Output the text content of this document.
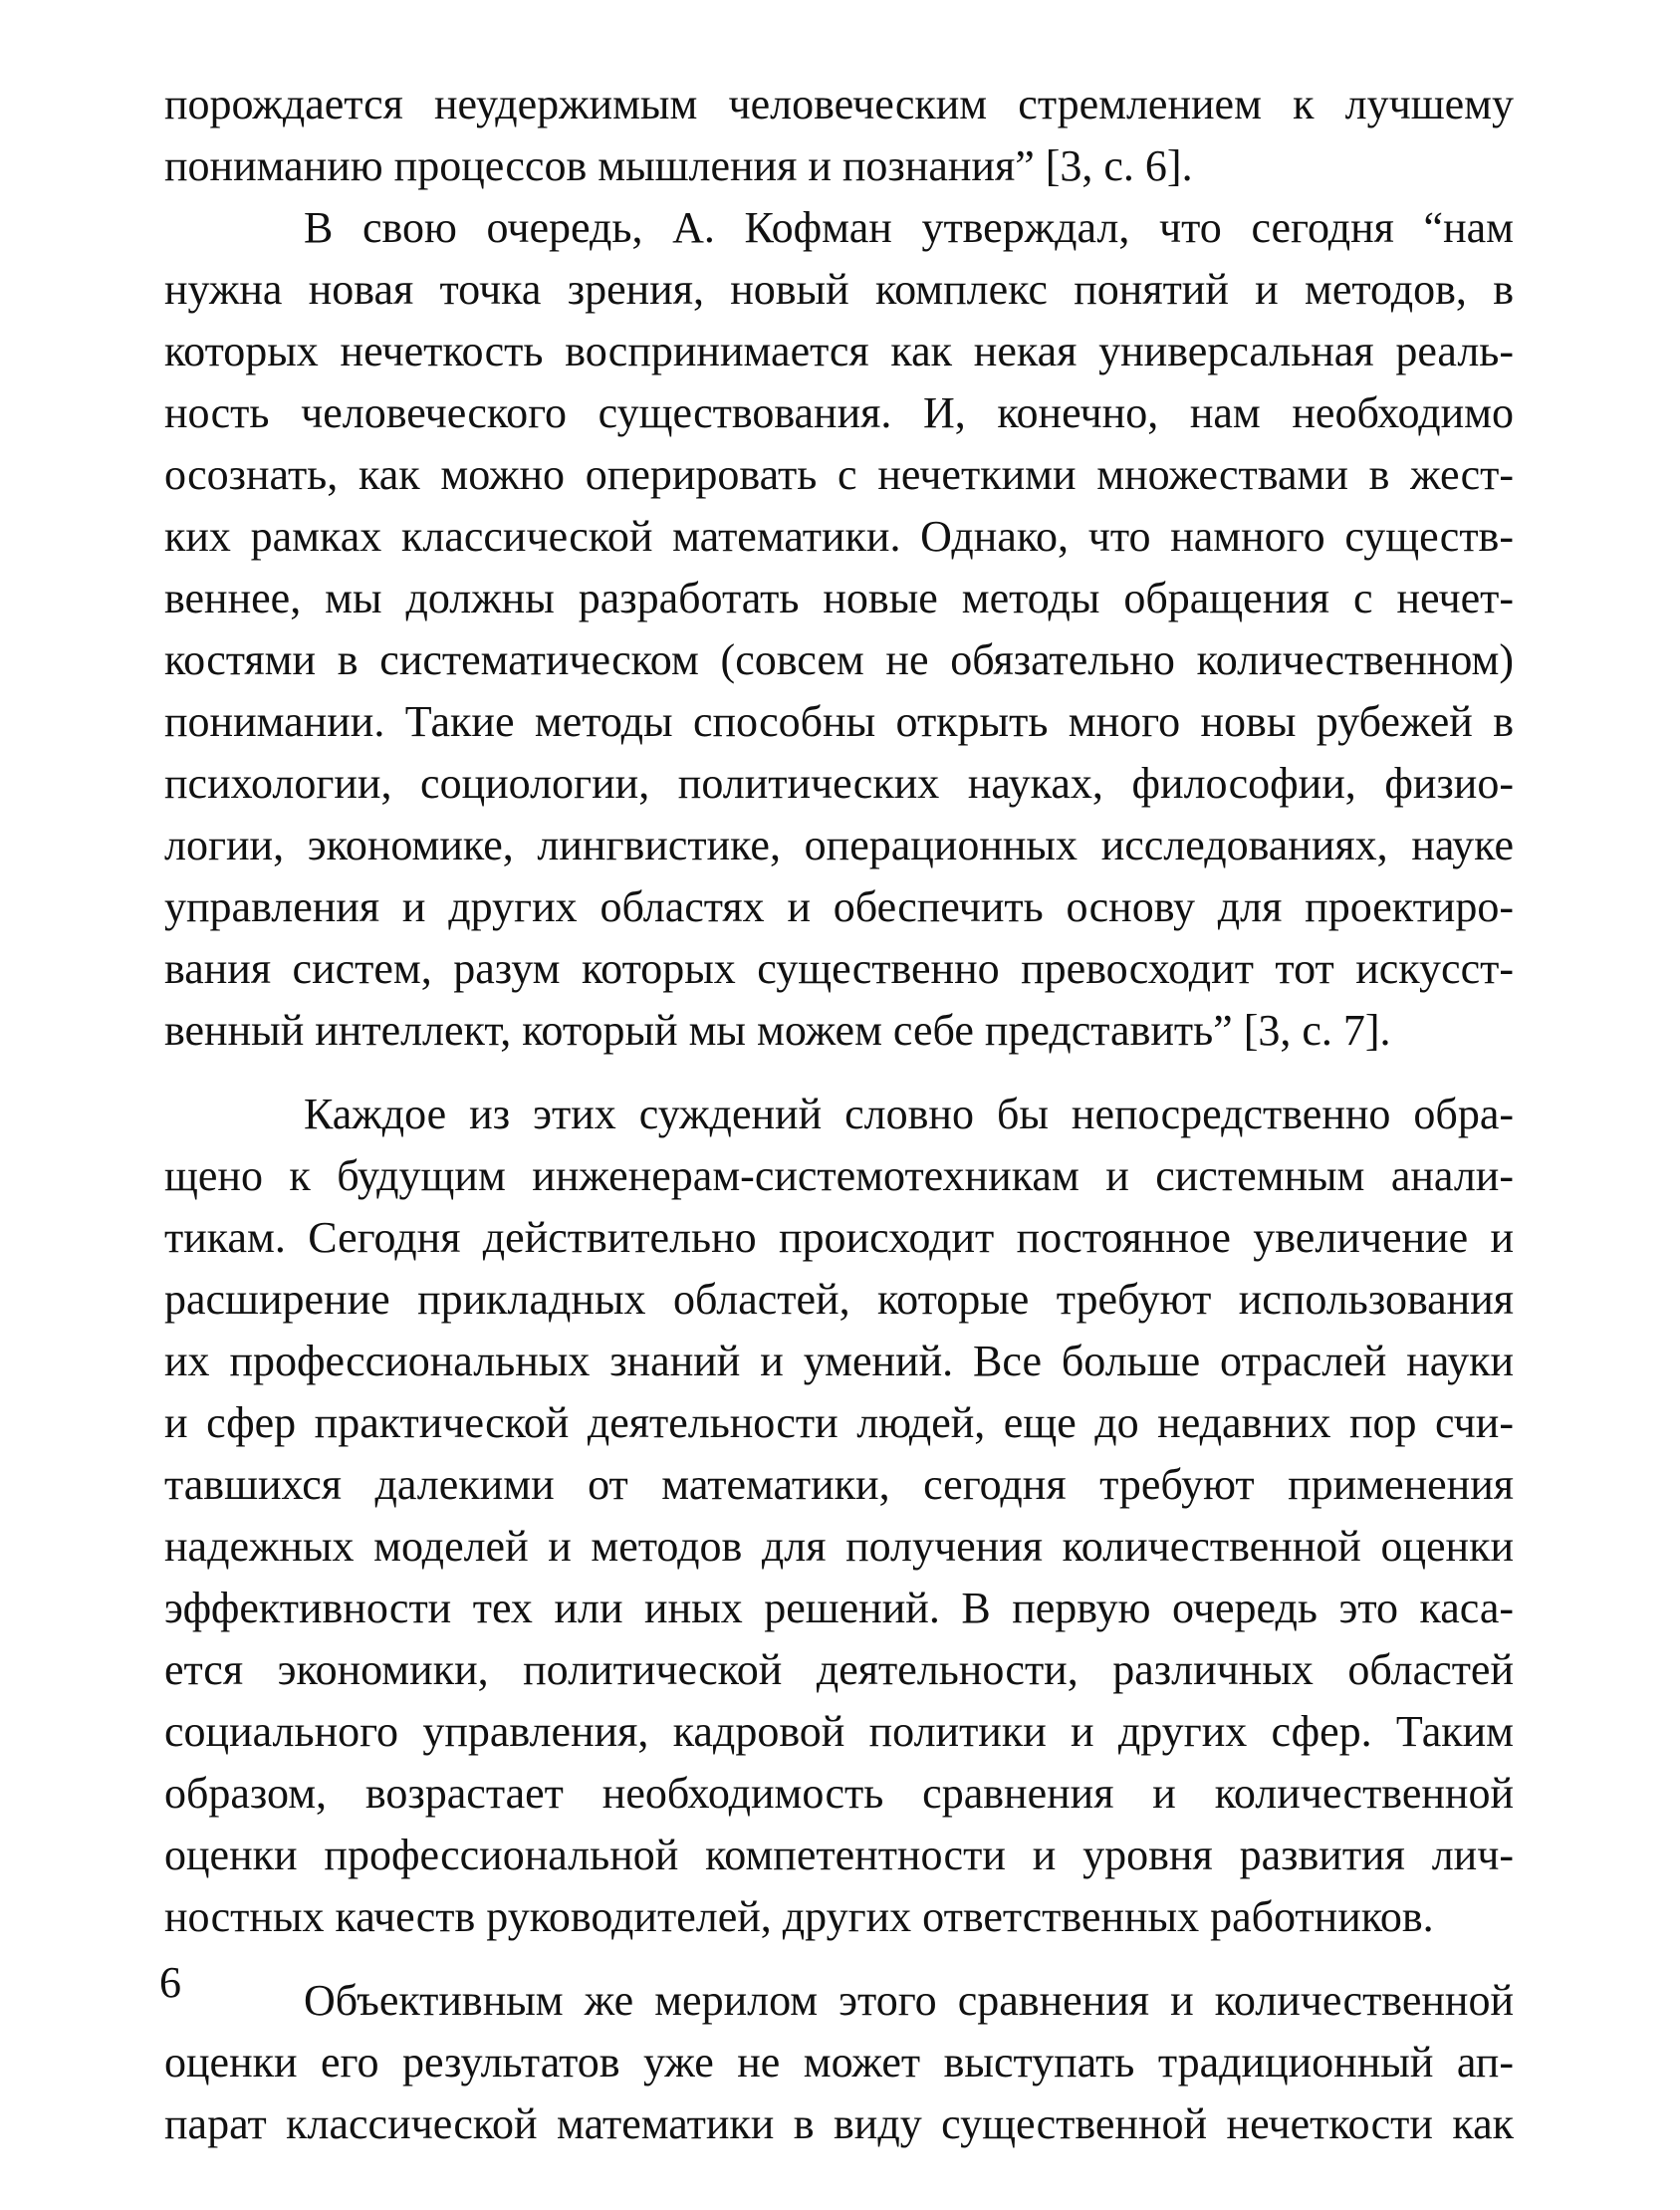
порождается неудержимым человеческим стремлением к лучшему
пониманию процессов мышления и познания” [3, с. 6].
В свою очередь, А. Кофман утверждал, что сегодня “нам
нужна новая точка зрения, новый комплекс понятий и методов, в
которых нечеткость воспринимается как некая универсальная реаль-
ность человеческого существования. И, конечно, нам необходимо
осознать, как можно оперировать с нечеткими множествами в жест-
ких рамках классической математики. Однако, что намного существ-
веннее, мы должны разработать новые методы обращения с нечет-
костями в систематическом (совсем не обязательно количественном)
понимании. Такие методы способны открыть много новы рубежей в
психологии, социологии, политических науках, философии, физио-
логии, экономике, лингвистике, операционных исследованиях, науке
управления и других областях и обеспечить основу для проектиро-
вания систем, разум которых существенно превосходит тот искусст-
венный интеллект, который мы можем себе представить” [3, с. 7].
Каждое из этих суждений словно бы непосредственно обра-
щено к будущим инженерам-системотехникам и системным анали-
тикам. Сегодня действительно происходит постоянное увеличение и
расширение прикладных областей, которые требуют использования
их профессиональных знаний и умений. Все больше отраслей науки
и сфер практической деятельности людей, еще до недавних пор счи-
тавшихся далекими от математики, сегодня требуют применения
надежных моделей и методов для получения количественной оценки
эффективности тех или иных решений. В первую очередь это каса-
ется экономики, политической деятельности, различных областей
социального управления, кадровой политики и других сфер. Таким
образом, возрастает необходимость сравнения и количественной
оценки профессиональной компетентности и уровня развития лич-
ностных качеств руководителей, других ответственных работников.
Объективным же мерилом этого сравнения и количественной
оценки его результатов уже не может выступать традиционный ап-
парат классической математики в виду существенной нечеткости как
6
